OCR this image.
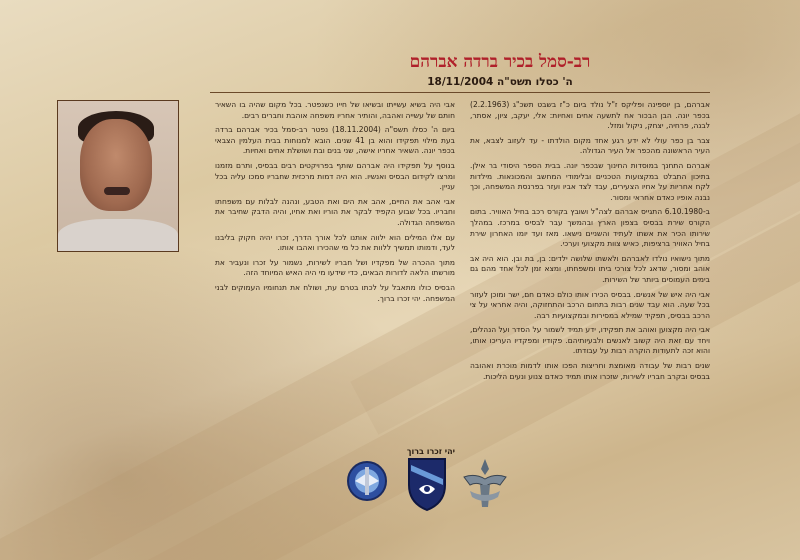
רב-סמל בכיר ברדה אברהם
ה' כסלו תשס"ה 18/11/2004

אברהם, בן יוספינה ופליקס ז"ל נולד ביום כ"ז בשבט תשכ"ג (2.2.1963) בכפר יונה. הבן הבכור אח לתשעה אחים ואחיות: אלי, יעקב, ציון, אסתר, לבנה, פרחיה, יצחק, ניקול ומזל.

צבר בן כפר עולי לא ידע רגע אחד מקום הולדתו - עד לעזוב לצבא, את העיר הראשונה מהכפר אל העיר הגדולה.

אברהם התחנך במוסדות החינוך שבכפר יונה. בבית הספר היסודי בר אילן. בתיכון התבלט במקצועות הטכניים ובלימודי המחשב והמכונאות. מילדות לקח אחריות על אחיו הצעירים, עבד לצד אביו ועזר בפרנסת המשפחה, וכך נבנה אופיו כאדם אחראי ומסור.

ב-6.10.1980 התגייס אברהם לצה"ל ושובץ בקורס רכב בחיל האוויר. בתום הקורס שירת בבסיס בצפון הארץ ובהמשך עבר לבסיס במרכז. במהלך שירותו הכיר את אשתו לעתיד והשניים נישאו. מאז ועד יומו האחרון שירת בחיל האוויר ברציפות, כאיש צוות מקצועי וערכי.

מתוך נישואיו נולדו לאברהם ולאשתו שלושה ילדים: בן, בת ובן. הוא היה אב אוהב ומסור, שדאג לכל צורכי ביתו ומשפחתו, ומצא זמן לכל אחד מהם גם בימים העמוסים ביותר של השירות.

אבי היה איש של אנשים. בבסיס הכירו אותו כולם כאדם חם, ישר ומוכן לעזור בכל שעה. הוא עבד שנים רבות בתחום הרכב והתחזוקה, והיה אחראי על צי הרכב בבסיס, תפקיד שמילא במסירות ובמקצועיות רבה.

אבי היה מקצוען ואוהב את תפקידו, ידע תמיד לשמור על הסדר ועל הנהלים, ויחד עם זאת היה קשוב לאנשים ולבעיותיהם. פקודיו ומפקדיו העריכו אותו, והוא זכה לתעודות הוקרה רבות על עבודתו.

שנים רבות של עבודה מאומצת וחריצות הפכו אותו לדמות מוכרת ואהובה בבסיס ובקרב חבריו לשירות, שזכרו אותו תמיד כאדם צנוע ונעים הליכות.

אבי היה בשיא עשייתו ובשיאו של חייו כשנפטר. בכל מקום שהיה בו השאיר חותם של עשייה ואהבה, והותיר אחריו משפחה אוהבת וחברים רבים.

ביום ה' כסלו תשס"ה (18.11.2004) נפטר רב-סמל בכיר אברהם ברדה בעת מילוי תפקידו והוא בן 41 שנים. הובא למנוחות בבית העלמין הצבאי בכפר יונה. השאיר אחריו אישה, שני בנים ובת ושושלת אחים ואחיות.

בנוסף על תפקידו היה אברהם שותף בפרויקטים רבים בבסיס, ותרם מזמנו ומרצו לקידום הבסיס ואנשיו. הוא היה דמות מרכזית שחבריו סמכו עליה בכל עניין.

אבי אהב את החיים, אהב את הים ואת הטבע, ונהנה לבלות עם משפחתו וחבריו. בכל שבוע הקפיד לבקר את הוריו ואת אחיו, והיה הדבק שחיבר את המשפחה הגדולה.

עם אלו המילים הוא ילווה אותנו לכל אורך הדרך, זכרו יהיה חקוק בליבנו לעד, ודמותו תמשיך ללוות את כל מי שהכירו ואהבו אותו.

מתוך ההכרה של מפקדיו ושל חבריו לשירות, נשמור על זכרו ונעביר את מורשתו הלאה לדורות הבאים, כדי שידעו מי היה האיש המיוחד הזה.

הבסיס כולו מתאבל על לכתו בטרם עת, ושולח את תנחומיו העמוקים לבני המשפחה. יהי זכרו ברוך.

יהי זכרו ברוך
